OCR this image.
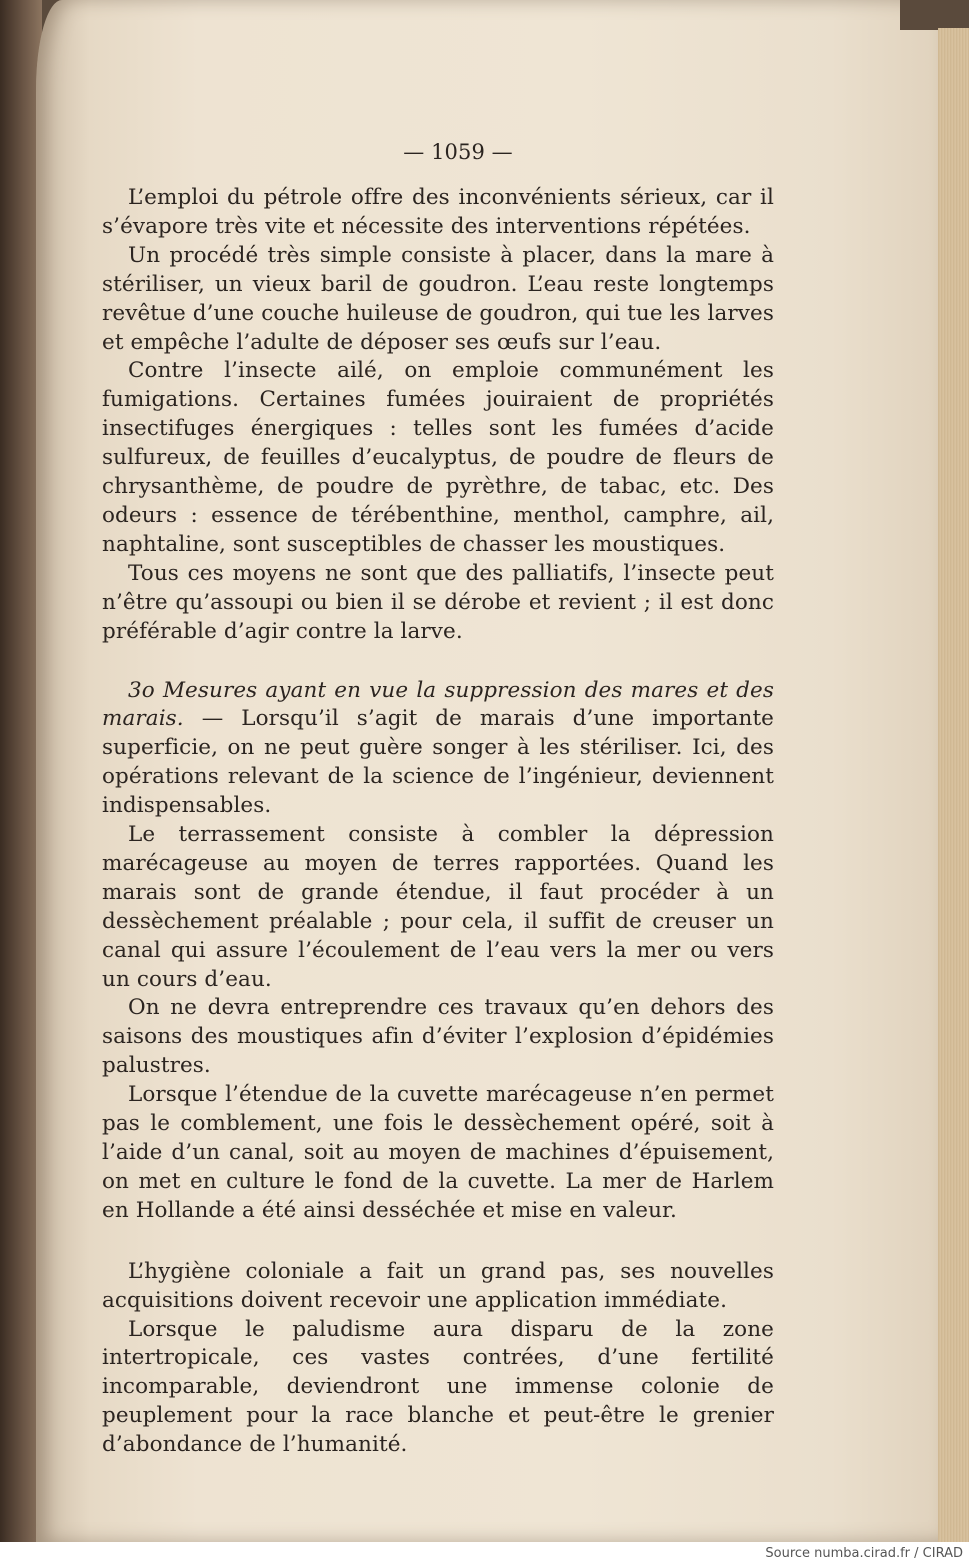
— 1059 —

L’emploi du pétrole offre des inconvénients sérieux, car il s’évapore très vite et nécessite des interventions répétées.

Un procédé très simple consiste à placer, dans la mare à stériliser, un vieux baril de goudron. L’eau reste longtemps revêtue d’une couche huileuse de goudron, qui tue les larves et empêche l’adulte de déposer ses œufs sur l’eau.

Contre l’insecte ailé, on emploie communément les fumigations. Certaines fumées jouiraient de propriétés insectifuges énergiques : telles sont les fumées d’acide sulfureux, de feuilles d’eucalyptus, de poudre de fleurs de chrysanthème, de poudre de pyrèthre, de tabac, etc. Des odeurs : essence de térébenthine, menthol, camphre, ail, naphtaline, sont susceptibles de chasser les moustiques.

Tous ces moyens ne sont que des palliatifs, l’insecte peut n’être qu’assoupi ou bien il se dérobe et revient ; il est donc préférable d’agir contre la larve.

3o Mesures ayant en vue la suppression des mares et des marais. — Lorsqu’il s’agit de marais d’une importante superficie, on ne peut guère songer à les stériliser. Ici, des opérations relevant de la science de l’ingénieur, deviennent indispensables.

Le terrassement consiste à combler la dépression marécageuse au moyen de terres rapportées. Quand les marais sont de grande étendue, il faut procéder à un dessèchement préalable ; pour cela, il suffit de creuser un canal qui assure l’écoulement de l’eau vers la mer ou vers un cours d’eau.

On ne devra entreprendre ces travaux qu’en dehors des saisons des moustiques afin d’éviter l’explosion d’épidémies palustres.

Lorsque l’étendue de la cuvette marécageuse n’en permet pas le comblement, une fois le dessèchement opéré, soit à l’aide d’un canal, soit au moyen de machines d’épuisement, on met en culture le fond de la cuvette. La mer de Harlem en Hollande a été ainsi desséchée et mise en valeur.

L’hygiène coloniale a fait un grand pas, ses nouvelles acquisitions doivent recevoir une application immédiate.

Lorsque le paludisme aura disparu de la zone intertropicale, ces vastes contrées, d’une fertilité incomparable, deviendront une immense colonie de peuplement pour la race blanche et peut-être le grenier d’abondance de l’humanité.

Source numba.cirad.fr / CIRAD
